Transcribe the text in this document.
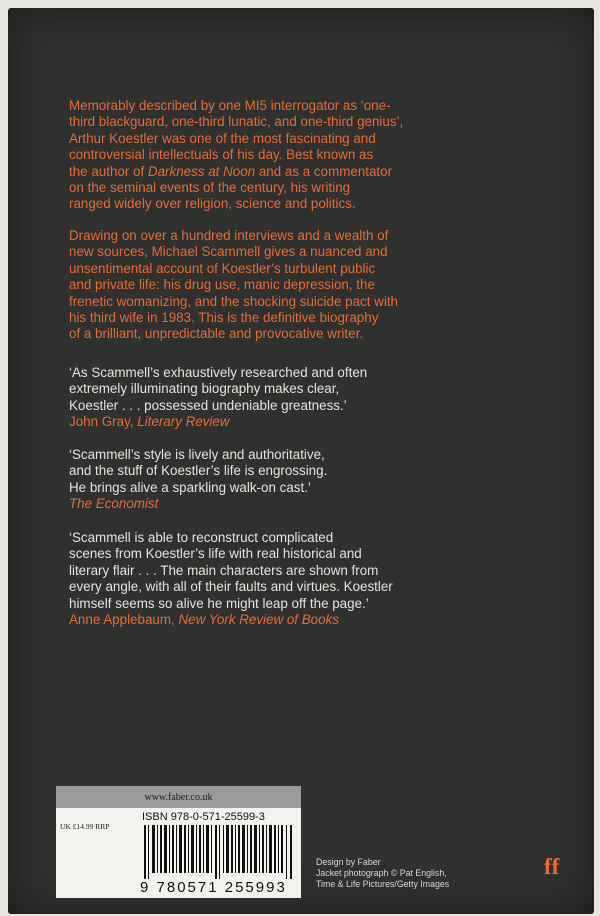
Memorably described by one MI5 interrogator as ‘one-
third blackguard, one-third lunatic, and one-third genius’,
Arthur Koestler was one of the most fascinating and
controversial intellectuals of his day. Best known as
the author of Darkness at Noon and as a commentator
on the seminal events of the century, his writing
ranged widely over religion, science and politics.
Drawing on over a hundred interviews and a wealth of
new sources, Michael Scammell gives a nuanced and
unsentimental account of Koestler’s turbulent public
and private life: his drug use, manic depression, the
frenetic womanizing, and the shocking suicide pact with
his third wife in 1983. This is the definitive biography
of a brilliant, unpredictable and provocative writer.
‘As Scammell’s exhaustively researched and often
extremely illuminating biography makes clear,
Koestler . . . possessed undeniable greatness.’
John Gray, Literary Review
‘Scammell’s style is lively and authoritative,
and the stuff of Koestler’s life is engrossing.
He brings alive a sparkling walk-on cast.’
The Economist
‘Scammell is able to reconstruct complicated
scenes from Koestler’s life with real historical and
literary flair . . . The main characters are shown from
every angle, with all of their faults and virtues. Koestler
himself seems so alive he might leap off the page.’
Anne Applebaum, New York Review of Books
www.faber.co.uk
UK £14.99 RRP
ISBN 978-0-571-25599-3
9 780571 255993
Design by Faber
Jacket photograph © Pat English,
Time & Life Pictures/Getty Images
ff
